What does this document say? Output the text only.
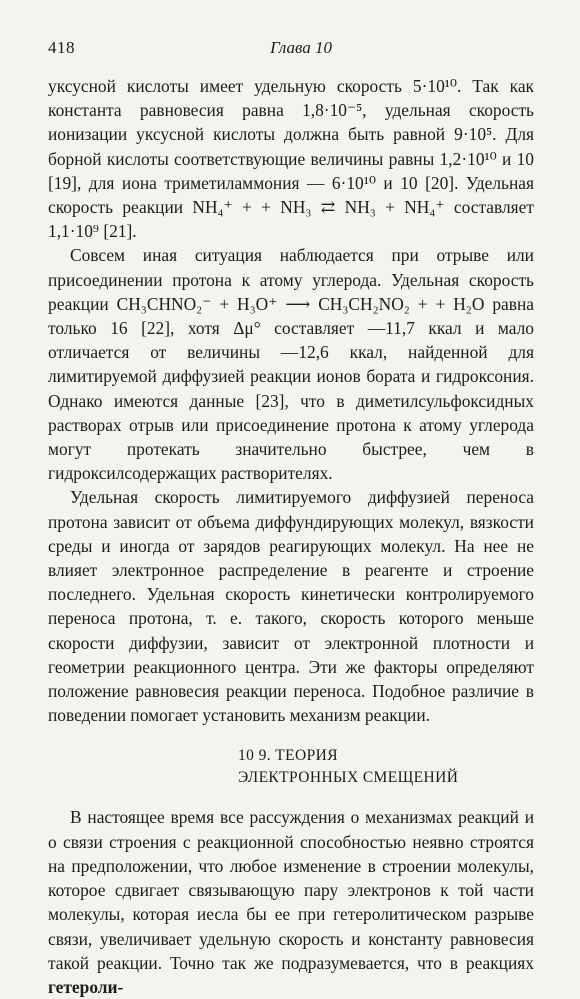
418	Глава 10

уксусной кислоты имеет удельную скорость 5·10¹⁰. Так как константа равновесия равна 1,8·10⁻⁵, удельная скорость ионизации уксусной кислоты должна быть равной 9·10⁵. Для борной кислоты соответствующие величины равны 1,2·10¹⁰ и 10 [19], для иона триметиламмония — 6·10¹⁰ и 10 [20]. Удельная скорость реакции NH₄⁺ + + NH₃ ⇄ NH₃ + NH₄⁺ составляет 1,1·10⁹ [21].

Совсем иная ситуация наблюдается при отрыве или присоединении протона к атому углерода. Удельная скорость реакции CH₃CHNO₂⁻ + H₃O⁺ ⟶ CH₃CH₂NO₂ + + H₂O равна только 16 [22], хотя Δμ° составляет —11,7 ккал и мало отличается от величины —12,6 ккал, найденной для лимитируемой диффузией реакции ионов бората и гидроксония. Однако имеются данные [23], что в диметилсульфоксидных растворах отрыв или присоединение протона к атому углерода могут протекать значительно быстрее, чем в гидроксилсодержащих растворителях.

Удельная скорость лимитируемого диффузией переноса протона зависит от объема диффундирующих молекул, вязкости среды и иногда от зарядов реагирующих молекул. На нее не влияет электронное распределение в реагенте и строение последнего. Удельная скорость кинетически контролируемого переноса протона, т. е. такого, скорость которого меньше скорости диффузии, зависит от электронной плотности и геометрии реакционного центра. Эти же факторы определяют положение равновесия реакции переноса. Подобное различие в поведении помогает установить механизм реакции.

10 9. ТЕОРИЯ
ЭЛЕКТРОННЫХ СМЕЩЕНИЙ

В настоящее время все рассуждения о механизмах реакций и о связи строения с реакционной способностью неявно строятся на предположении, что любое изменение в строении молекулы, которое сдвигает связывающую пару электронов к той части молекулы, которая иесла бы ее при гетеролитическом разрыве связи, увеличивает удельную скорость и константу равновесия такой реакции. Точно так же подразумевается, что в реакциях гетероли-
